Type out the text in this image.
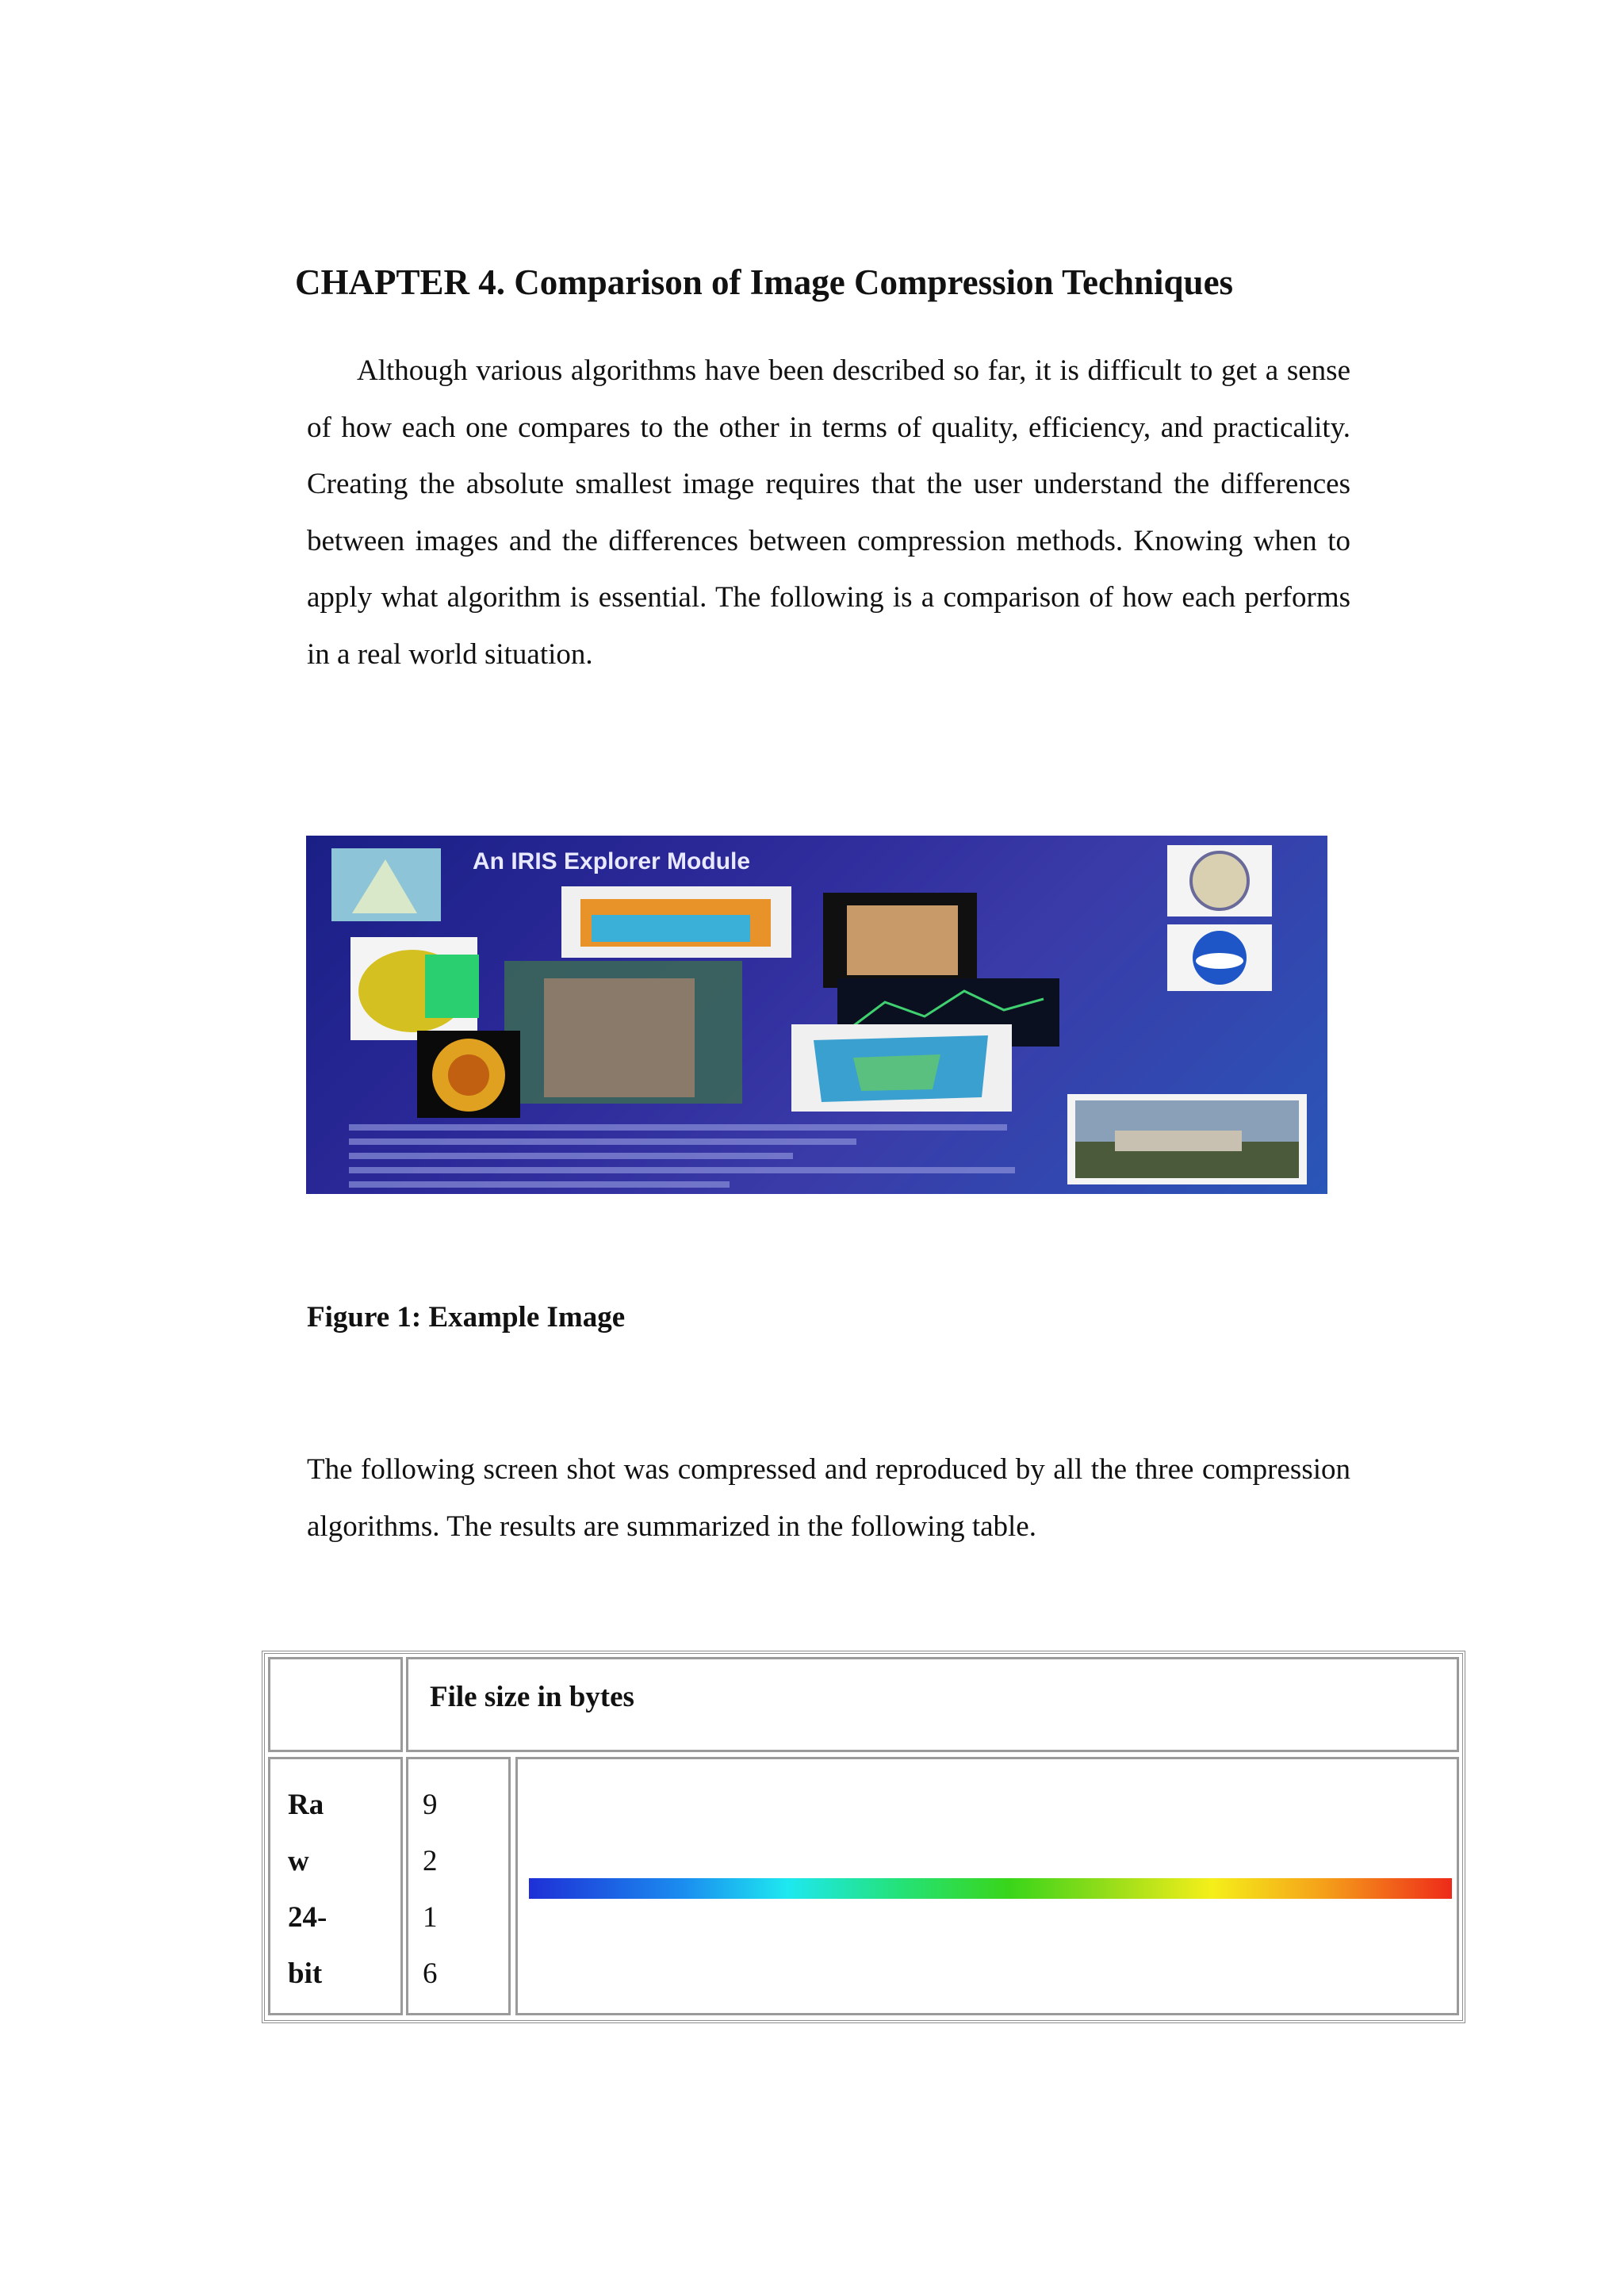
CHAPTER 4. Comparison of Image Compression Techniques

Although various algorithms have been described so far, it is difficult to get a sense of how each one compares to the other in terms of quality, efficiency, and practicality. Creating the absolute smallest image requires that the user understand the differences between images and the differences between compression methods. Knowing when to apply what algorithm is essential. The following is a comparison of how each performs in a real world situation.

An IRIS Explorer Module
Figure 1: Example Image

The following screen shot was compressed and reproduced by all the three compression algorithms. The results are summarized in the following table.

File size in bytes
Ra
w
24-
bit
9
2
1
6
